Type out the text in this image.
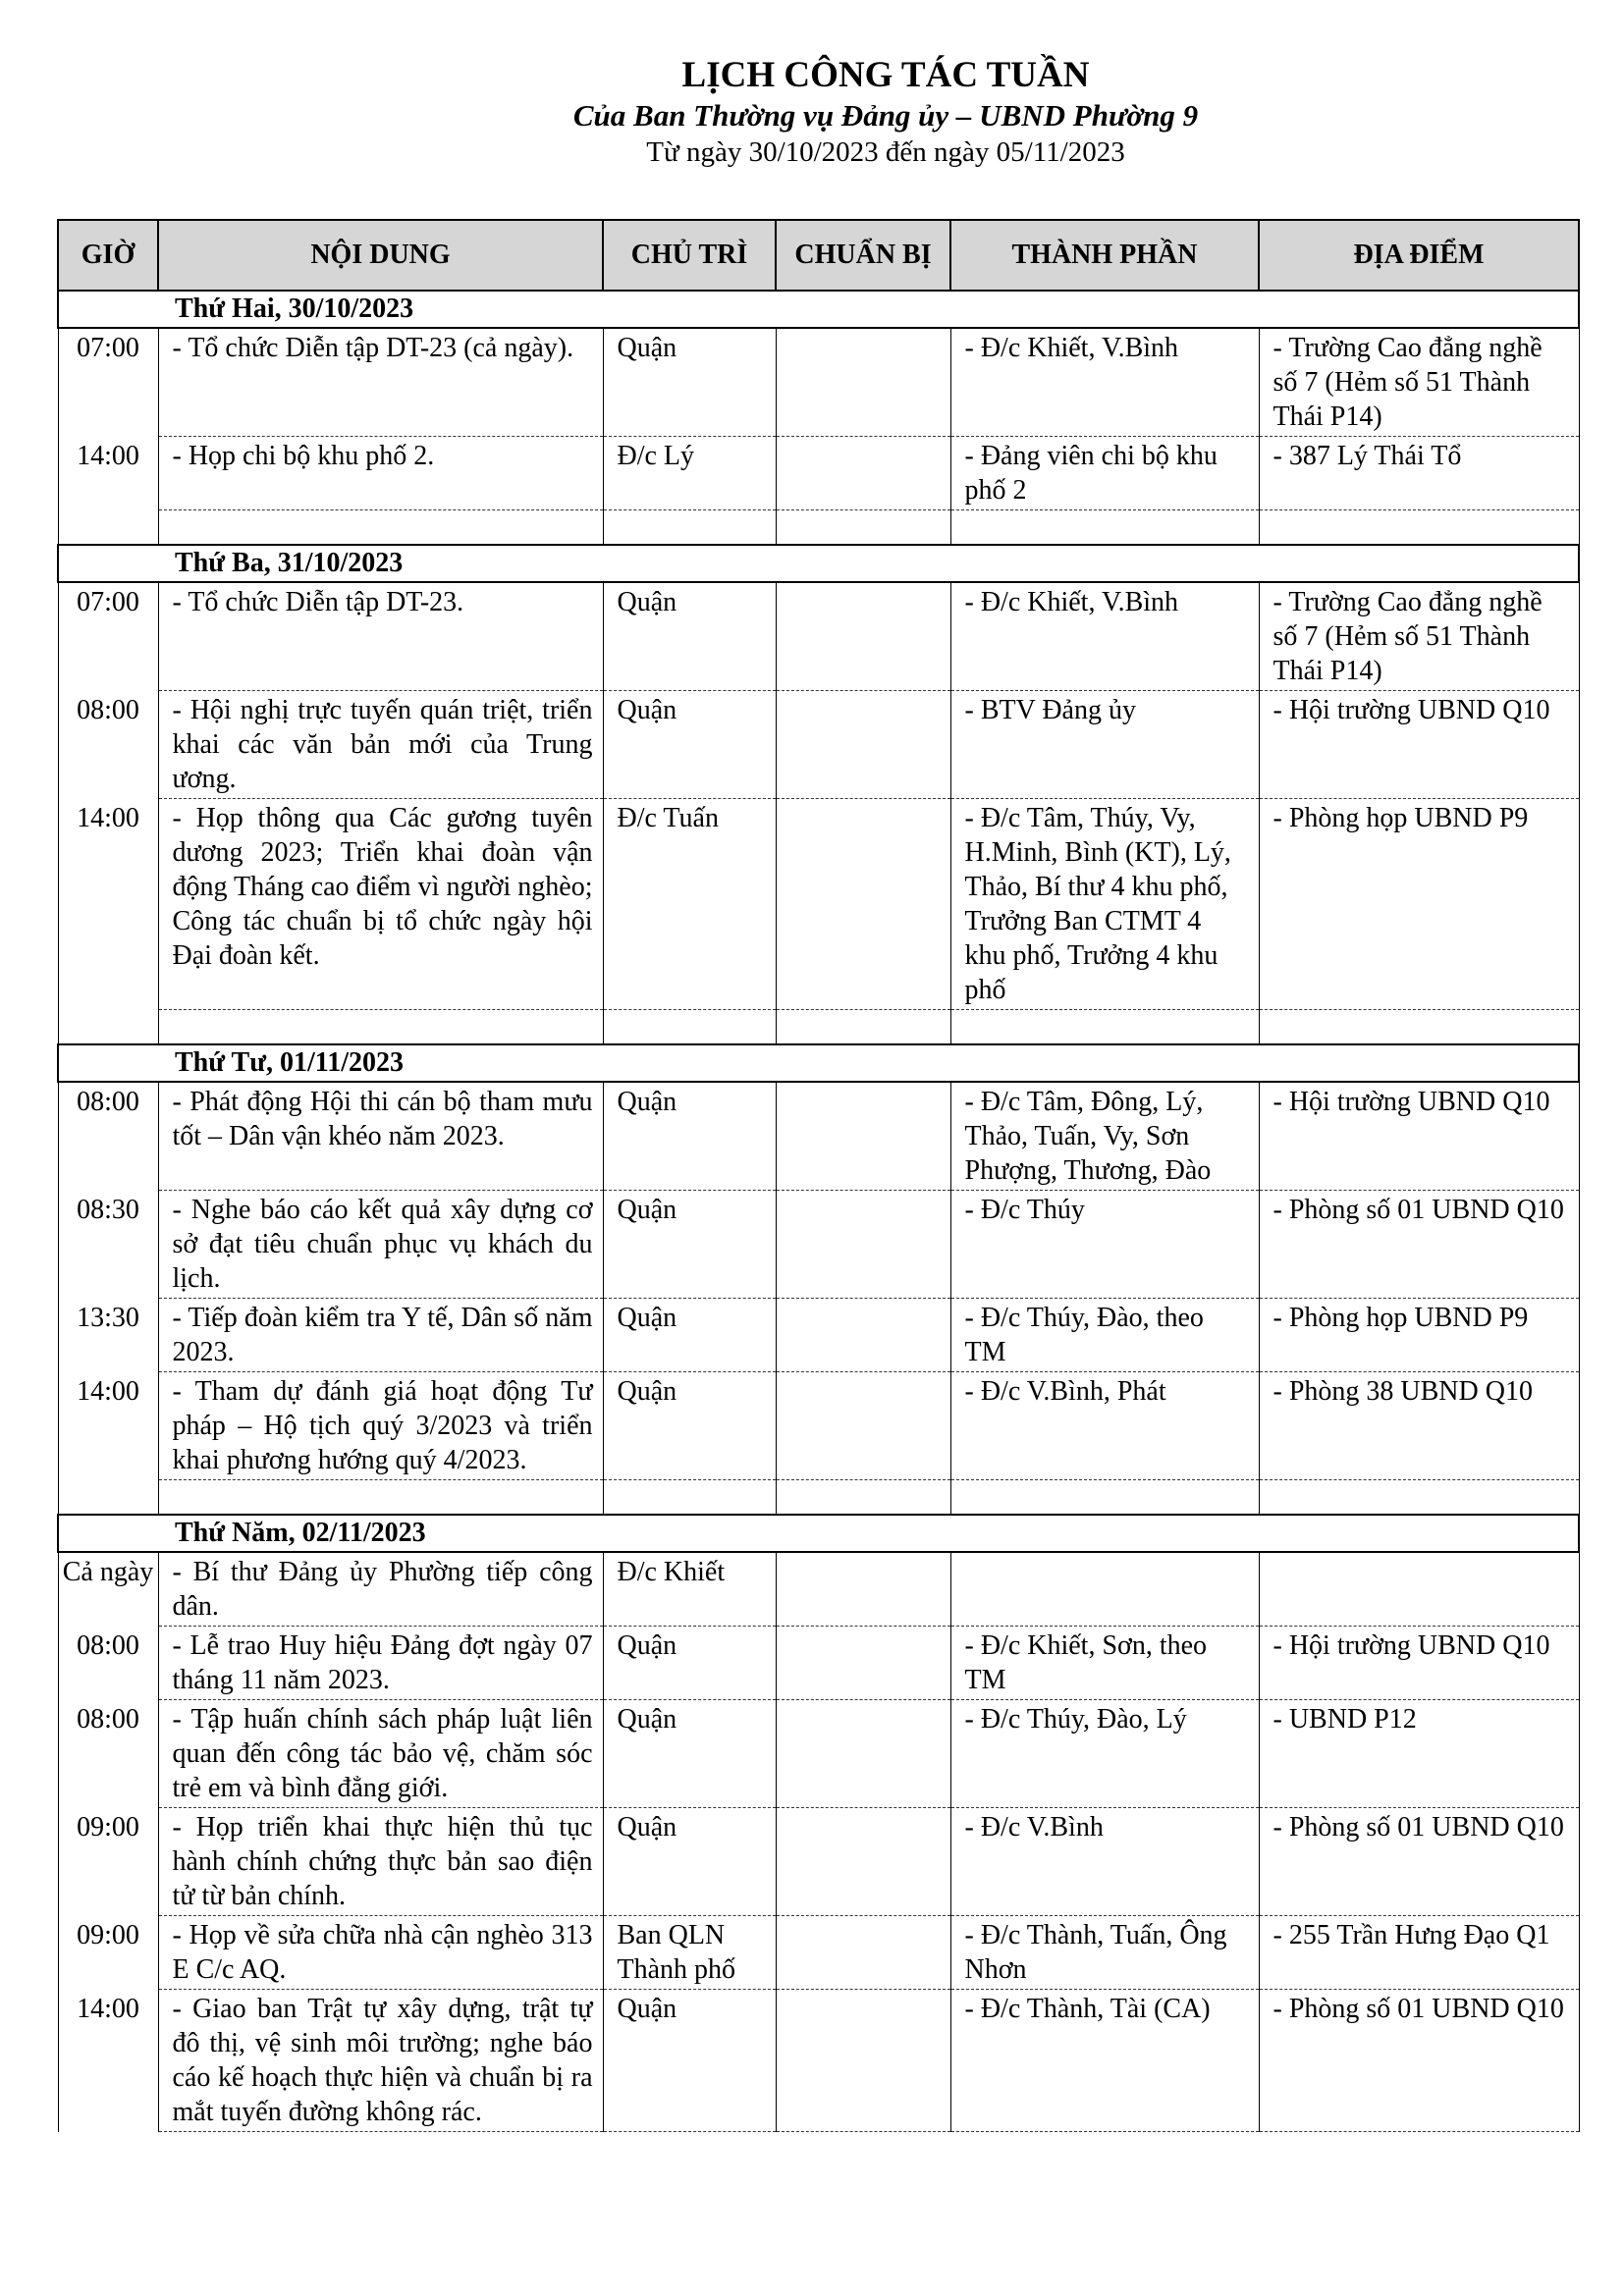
LỊCH CÔNG TÁC TUẦN
Của Ban Thường vụ Đảng ủy – UBND Phường 9
Từ ngày 30/10/2023 đến ngày 05/11/2023
GIỜ	NỘI DUNG	CHỦ TRÌ	CHUẨN BỊ	THÀNH PHẦN	ĐỊA ĐIỂM
Thứ Hai, 30/10/2023					
07:00	- Tổ chức Diễn tập DT-23 (cả ngày).	Quận		- Đ/c Khiết, V.Bình	- Trường Cao đẳng nghề số 7 (Hẻm số 51 Thành Thái P14)
14:00	- Họp chi bộ khu phố 2.	Đ/c Lý		- Đảng viên chi bộ khu phố 2	- 387 Lý Thái Tổ

Thứ Ba, 31/10/2023					
07:00	- Tổ chức Diễn tập DT-23.	Quận		- Đ/c Khiết, V.Bình	- Trường Cao đẳng nghề số 7 (Hẻm số 51 Thành Thái P14)
08:00	- Hội nghị trực tuyến quán triệt, triển khai các văn bản mới của Trung ương.	Quận		- BTV Đảng ủy	- Hội trường UBND Q10
14:00	- Họp thông qua Các gương tuyên dương 2023; Triển khai đoàn vận động Tháng cao điểm vì người nghèo; Công tác chuẩn bị tổ chức ngày hội Đại đoàn kết.	Đ/c Tuấn		- Đ/c Tâm, Thúy, Vy, H.Minh, Bình (KT), Lý, Thảo, Bí thư 4 khu phố, Trưởng Ban CTMT 4 khu phố, Trưởng 4 khu phố	- Phòng họp UBND P9

Thứ Tư, 01/11/2023					
08:00	- Phát động Hội thi cán bộ tham mưu tốt – Dân vận khéo năm 2023.	Quận		- Đ/c Tâm, Đông, Lý, Thảo, Tuấn, Vy, Sơn Phượng, Thương, Đào	- Hội trường UBND Q10
08:30	- Nghe báo cáo kết quả xây dựng cơ sở đạt tiêu chuẩn phục vụ khách du lịch.	Quận		- Đ/c Thúy	- Phòng số 01 UBND Q10
13:30	- Tiếp đoàn kiểm tra Y tế, Dân số năm 2023.	Quận		- Đ/c Thúy, Đào, theo TM	- Phòng họp UBND P9
14:00	- Tham dự đánh giá hoạt động Tư pháp – Hộ tịch quý 3/2023 và triển khai phương hướng quý 4/2023.	Quận		- Đ/c V.Bình, Phát	- Phòng 38 UBND Q10

Thứ Năm, 02/11/2023					
Cả ngày	- Bí thư Đảng ủy Phường tiếp công dân.	Đ/c Khiết			
08:00	- Lễ trao Huy hiệu Đảng đợt ngày 07 tháng 11 năm 2023.	Quận		- Đ/c Khiết, Sơn, theo TM	- Hội trường UBND Q10
08:00	- Tập huấn chính sách pháp luật liên quan đến công tác bảo vệ, chăm sóc trẻ em và bình đẳng giới.	Quận		- Đ/c Thúy, Đào, Lý	- UBND P12
09:00	- Họp triển khai thực hiện thủ tục hành chính chứng thực bản sao điện tử từ bản chính.	Quận		- Đ/c V.Bình	- Phòng số 01 UBND Q10
09:00	- Họp về sửa chữa nhà cận nghèo 313 E C/c AQ.	Ban QLN Thành phố		- Đ/c Thành, Tuấn, Ông Nhơn	- 255 Trần Hưng Đạo Q1
14:00	- Giao ban Trật tự xây dựng, trật tự đô thị, vệ sinh môi trường; nghe báo cáo kế hoạch thực hiện và chuẩn bị ra mắt tuyến đường không rác.	Quận		- Đ/c Thành, Tài (CA)	- Phòng số 01 UBND Q10
